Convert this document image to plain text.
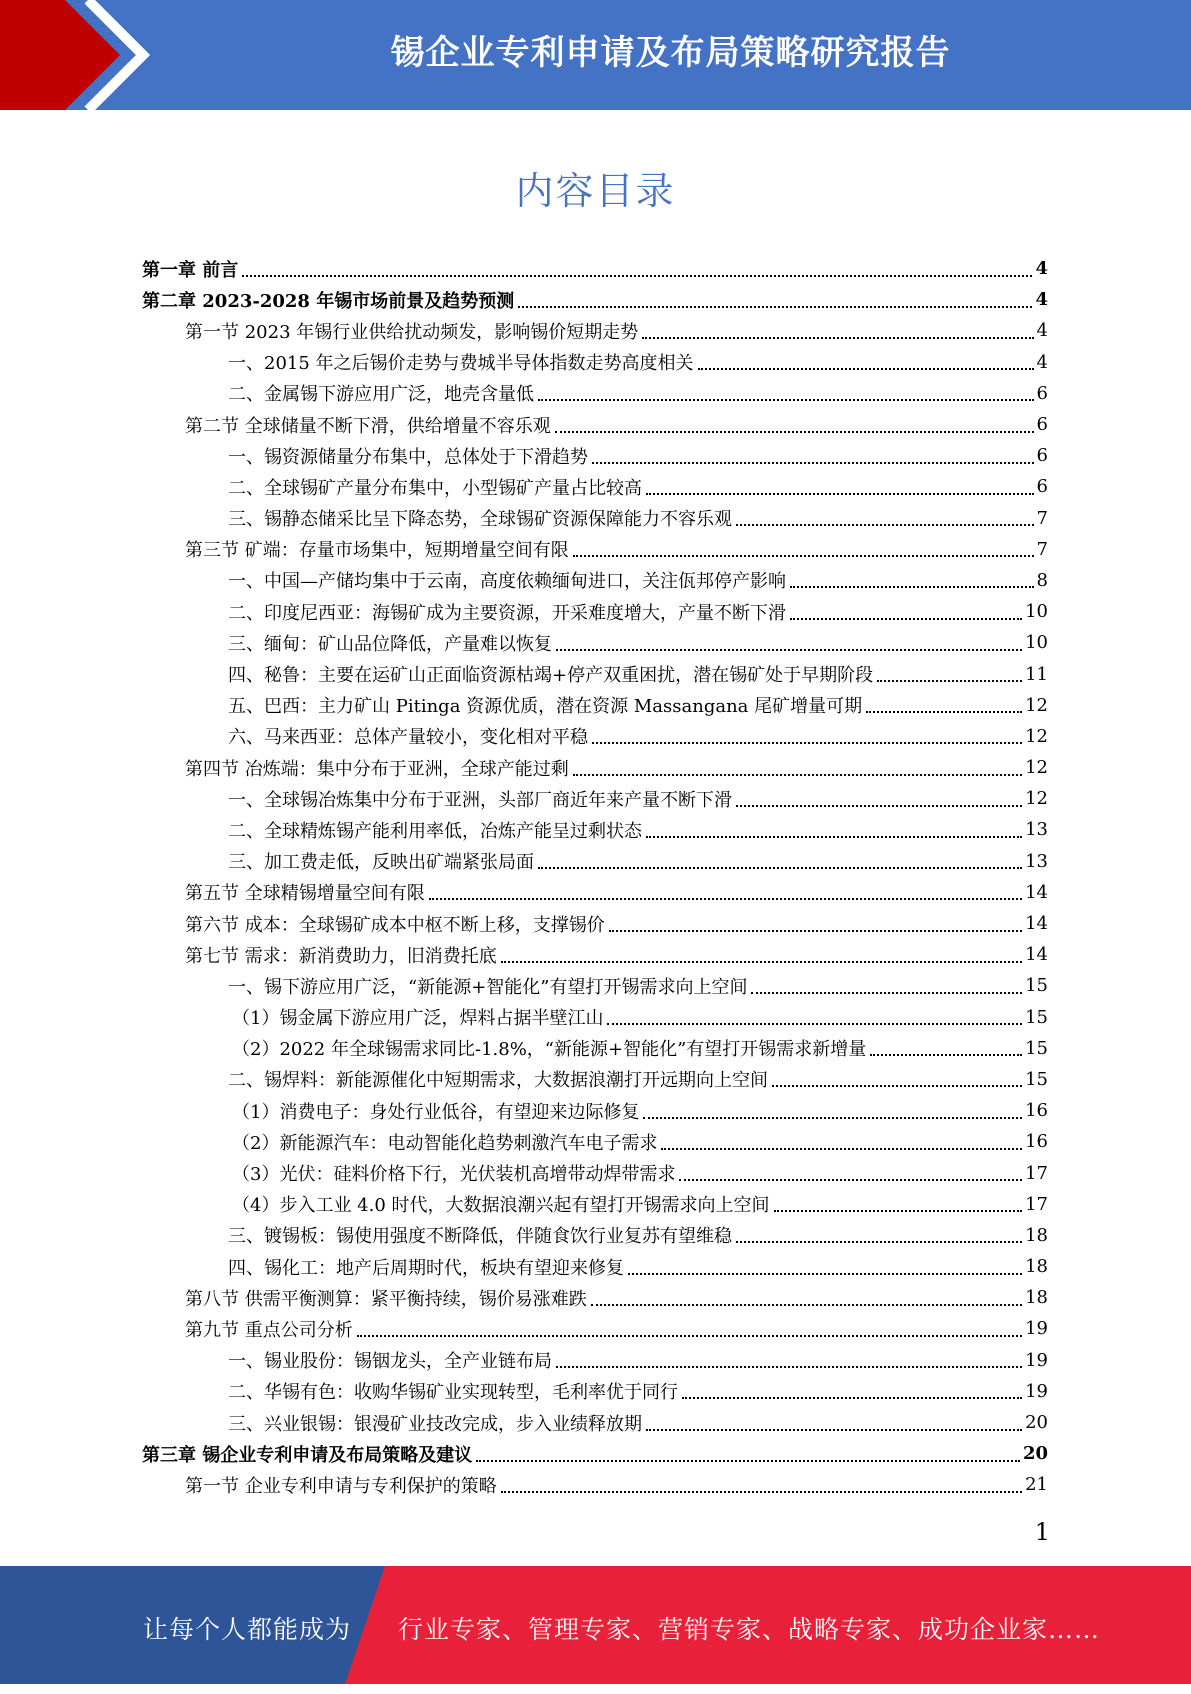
锡企业专利申请及布局策略研究报告
内容目录
第一章 前言	4
第二章 2023-2028 年锡市场前景及趋势预测	4
第一节 2023 年锡行业供给扰动频发，影响锡价短期走势	4
一、2015 年之后锡价走势与费城半导体指数走势高度相关	4
二、金属锡下游应用广泛，地壳含量低	6
第二节 全球储量不断下滑，供给增量不容乐观	6
一、锡资源储量分布集中，总体处于下滑趋势	6
二、全球锡矿产量分布集中，小型锡矿产量占比较高	6
三、锡静态储采比呈下降态势，全球锡矿资源保障能力不容乐观	7
第三节 矿端：存量市场集中，短期增量空间有限	7
一、中国—产储均集中于云南，高度依赖缅甸进口，关注佤邦停产影响	8
二、印度尼西亚：海锡矿成为主要资源，开采难度增大，产量不断下滑	10
三、缅甸：矿山品位降低，产量难以恢复	10
四、秘鲁：主要在运矿山正面临资源枯竭+停产双重困扰，潜在锡矿处于早期阶段	11
五、巴西：主力矿山 Pitinga 资源优质，潜在资源 Massangana 尾矿增量可期	12
六、马来西亚：总体产量较小，变化相对平稳	12
第四节 冶炼端：集中分布于亚洲，全球产能过剩	12
一、全球锡冶炼集中分布于亚洲，头部厂商近年来产量不断下滑	12
二、全球精炼锡产能利用率低，冶炼产能呈过剩状态	13
三、加工费走低，反映出矿端紧张局面	13
第五节 全球精锡增量空间有限	14
第六节 成本：全球锡矿成本中枢不断上移，支撑锡价	14
第七节 需求：新消费助力，旧消费托底	14
一、锡下游应用广泛，“新能源+智能化”有望打开锡需求向上空间	15
（1）锡金属下游应用广泛，焊料占据半壁江山	15
（2）2022 年全球锡需求同比-1.8%，“新能源+智能化”有望打开锡需求新增量	15
二、锡焊料：新能源催化中短期需求，大数据浪潮打开远期向上空间	15
（1）消费电子：身处行业低谷，有望迎来边际修复	16
（2）新能源汽车：电动智能化趋势刺激汽车电子需求	16
（3）光伏：硅料价格下行，光伏装机高增带动焊带需求	17
（4）步入工业 4.0 时代，大数据浪潮兴起有望打开锡需求向上空间	17
三、镀锡板：锡使用强度不断降低，伴随食饮行业复苏有望维稳	18
四、锡化工：地产后周期时代，板块有望迎来修复	18
第八节 供需平衡测算：紧平衡持续，锡价易涨难跌	18
第九节 重点公司分析	19
一、锡业股份：锡铟龙头，全产业链布局	19
二、华锡有色：收购华锡矿业实现转型，毛利率优于同行	19
三、兴业银锡：银漫矿业技改完成，步入业绩释放期	20
第三章 锡企业专利申请及布局策略及建议	20
第一节 企业专利申请与专利保护的策略	21
1
让每个人都能成为 行业专家、管理专家、营销专家、战略专家、成功企业家……
